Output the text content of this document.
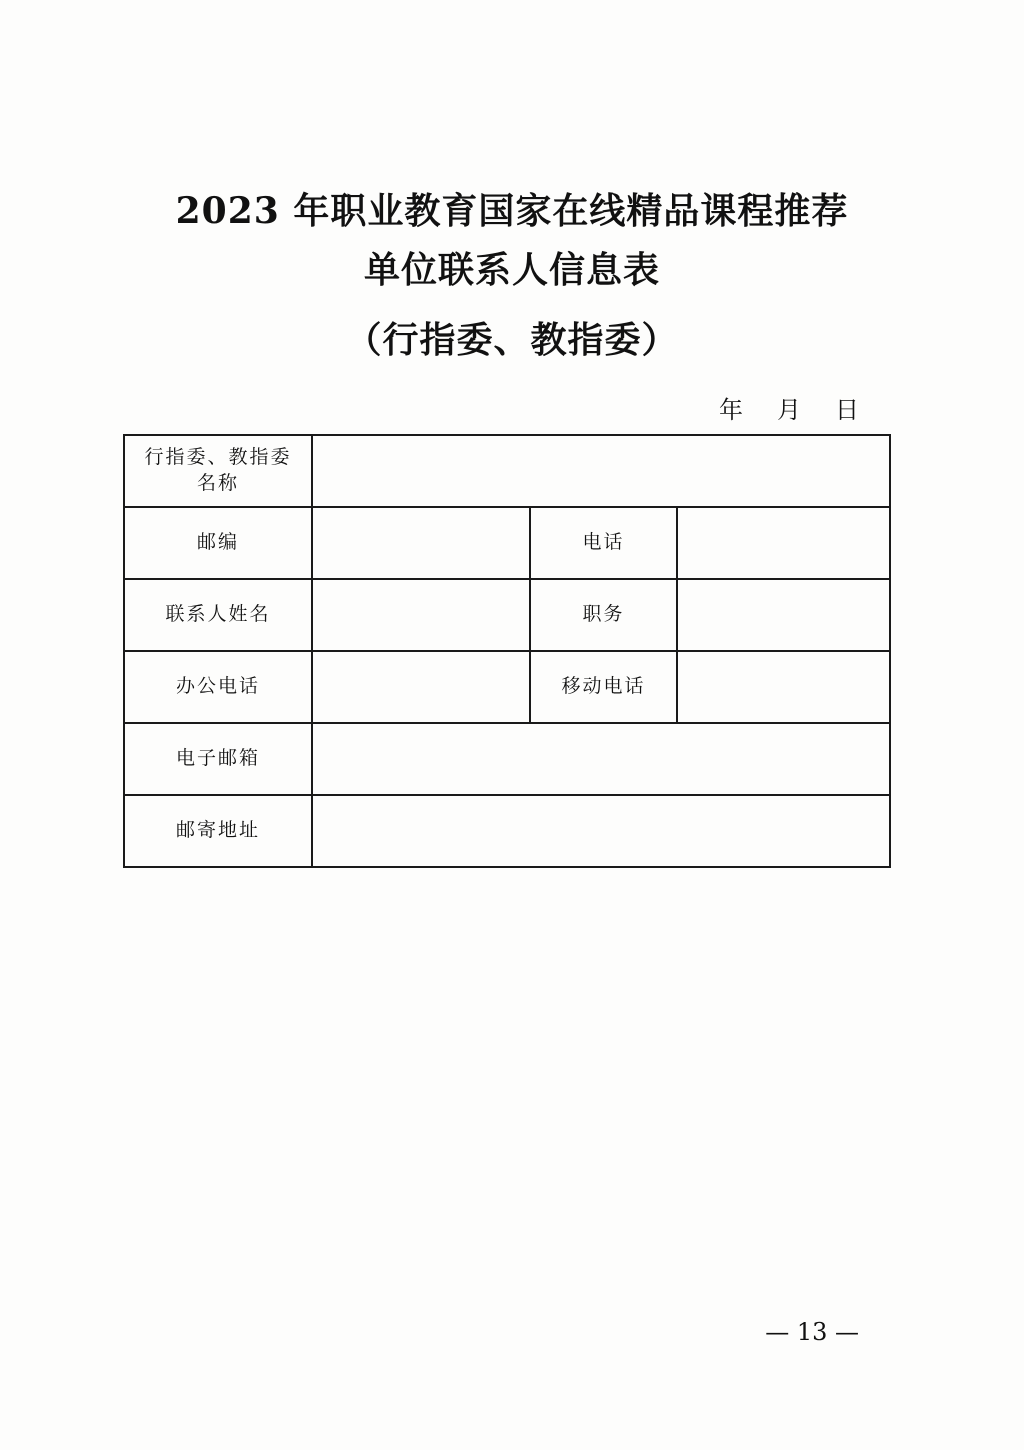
2023 年职业教育国家在线精品课程推荐
单位联系人信息表
（行指委、教指委）
年 月 日
行指委、教指委
名称			

邮编		电话	
联系人姓名		职务	
办公电话		移动电话	
电子邮箱			
邮寄地址			
— 13 —
